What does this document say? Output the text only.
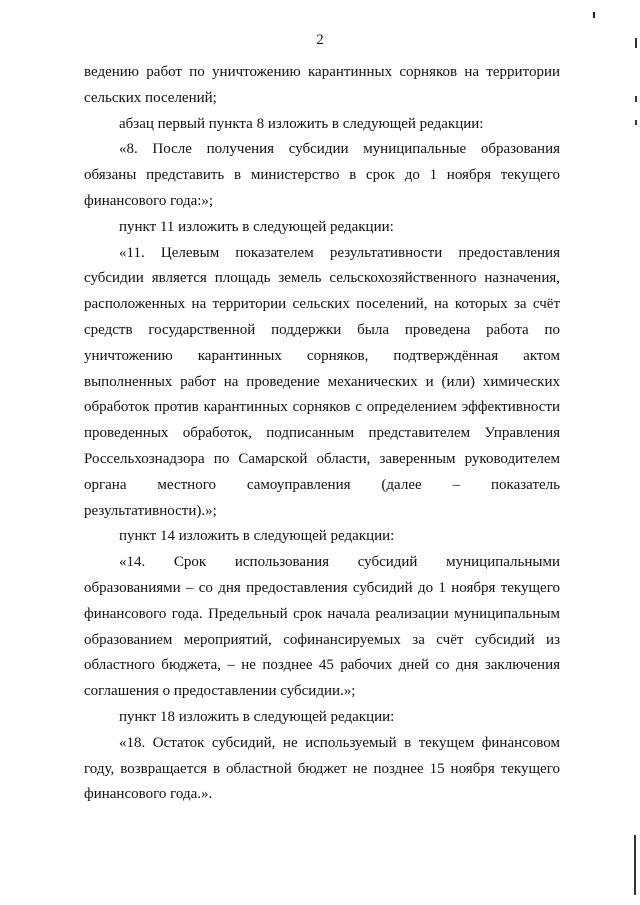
2

ведению работ по уничтожению карантинных сорняков на территории сельских поселений;

абзац первый пункта 8 изложить в следующей редакции:

«8. После получения субсидии муниципальные образования обязаны представить в министерство в срок до 1 ноября текущего финансового года:»;

пункт 11 изложить в следующей редакции:

«11. Целевым показателем результативности предоставления субсидии является площадь земель сельскохозяйственного назначения, расположенных на территории сельских поселений, на которых за счёт средств государственной поддержки была проведена работа по уничтожению карантинных сорняков, подтверждённая актом выполненных работ на проведение механических и (или) химических обработок против карантинных сорняков с определением эффективности проведенных обработок, подписанным представителем Управления Россельхознадзора по Самарской области, заверенным руководителем органа местного самоуправления (далее – показатель результативности).»;

пункт 14 изложить в следующей редакции:

«14. Срок использования субсидий муниципальными образованиями – со дня предоставления субсидий до 1 ноября текущего финансового года. Предельный срок начала реализации муниципальным образованием мероприятий, софинансируемых за счёт субсидий из областного бюджета, – не позднее 45 рабочих дней со дня заключения соглашения о предоставлении субсидии.»;

пункт 18 изложить в следующей редакции:

«18. Остаток субсидий, не используемый в текущем финансовом году, возвращается в областной бюджет не позднее 15 ноября текущего финансового года.».
